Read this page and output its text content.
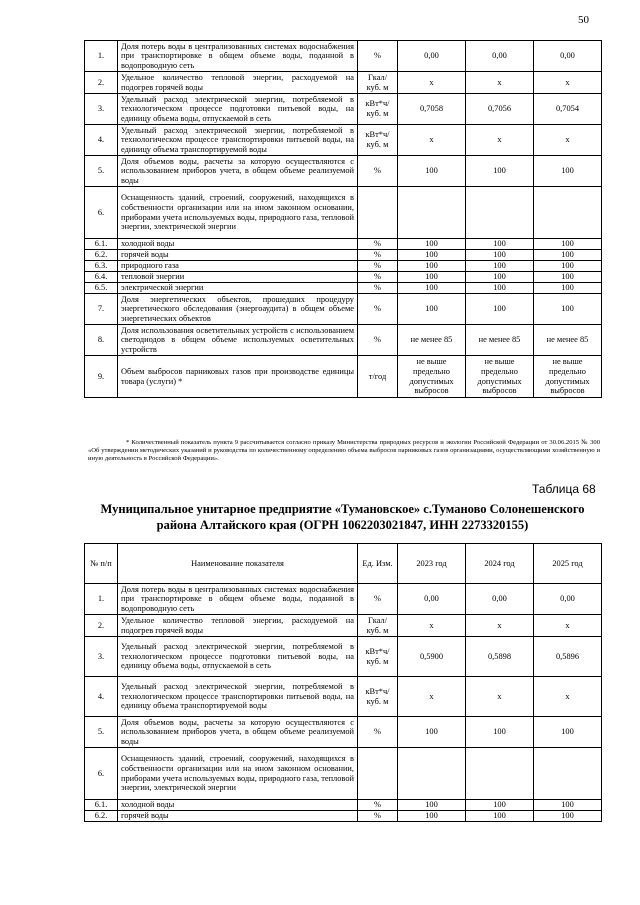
50
1.	Доля потерь воды в централизованных системах водоснабжения при транспортировке в общем объеме воды, поданной в водопроводную сеть	%	0,00	0,00	0,00
2.	Удельное количество тепловой энергии, расходуемой на подогрев горячей воды	Гкал/ куб. м	х	х	х
3.	Удельный расход электрической энергии, потребляемой в технологическом процессе подготовки питьевой воды, на единицу объема воды, отпускаемой в сеть	кВт*ч/ куб. м	0,7058	0,7056	0,7054
4.	Удельный расход электрической энергии, потребляемой в технологическом процессе транспортировки питьевой воды, на единицу объема транспортируемой воды	кВт*ч/ куб. м	х	х	х
5.	Доля объемов воды, расчеты за которую осуществляются с использованием приборов учета, в общем объеме реализуемой воды	%	100	100	100
6.	Оснащенность зданий, строений, сооружений, находящихся в собственности организации или на ином законном основании, приборами учета используемых воды, природного газа, тепловой энергии, электрической энергии				
6.1.	холодной воды	%	100	100	100
6.2.	горячей воды	%	100	100	100
6.3.	природного газа	%	100	100	100
6.4.	тепловой энергии	%	100	100	100
6.5.	электрической энергии	%	100	100	100
7.	Доля энергетических объектов, прошедших процедуру энергетического обследования (энергоаудита) в общем объеме энергетических объектов	%	100	100	100
8.	Доля использования осветительных устройств с использованием светодиодов в общем объеме используемых осветительных устройств	%	не менее 85	не менее 85	не менее 85
9.	Объем выбросов парниковых газов при производстве единицы товара (услуги) *	т/год	не выше предельно допустимых выбросов	не выше предельно допустимых выбросов	не выше предельно допустимых выбросов
* Количественный показатель пункта 9 рассчитывается согласно приказу Министерства природных ресурсов и экологии Российской Федерации от 30.06.2015 № 300 «Об утверждении методических указаний и руководства по количественному определению объема выбросов парниковых газов организациями, осуществляющими хозяйственную и иную деятельность в Российской Федерации».
Таблица 68
Муниципальное унитарное предприятие «Тумановское» с.Туманово Солонешенского района Алтайского края (ОГРН 1062203021847, ИНН 2273320155)
№ п/п	Наименование показателя	Ед. Изм.	2023 год	2024 год	2025 год
1.	Доля потерь воды в централизованных системах водоснабжения при транспортировке в общем объеме воды, поданной в водопроводную сеть	%	0,00	0,00	0,00
2.	Удельное количество тепловой энергии, расходуемой на подогрев горячей воды	Гкал/ куб. м	х	х	х
3.	Удельный расход электрической энергии, потребляемой в технологическом процессе подготовки питьевой воды, на единицу объема воды, отпускаемой в сеть	кВт*ч/ куб. м	0,5900	0,5898	0,5896
4.	Удельный расход электрической энергии, потребляемой в технологическом процессе транспортировки питьевой воды, на единицу объема транспортируемой воды	кВт*ч/ куб. м	х	х	х
5.	Доля объемов воды, расчеты за которую осуществляются с использованием приборов учета, в общем объеме реализуемой воды	%	100	100	100
6.	Оснащенность зданий, строений, сооружений, находящихся в собственности организации или на ином законном основании, приборами учета используемых воды, природного газа, тепловой энергии, электрической энергии				
6.1.	холодной воды	%	100	100	100
6.2.	горячей воды	%	100	100	100
